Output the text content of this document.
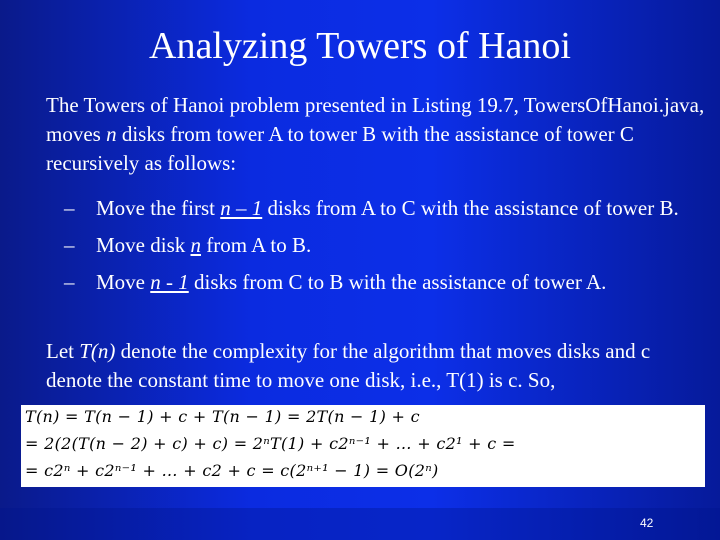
Analyzing Towers of Hanoi
The Towers of Hanoi problem presented in Listing 19.7, TowersOfHanoi.java, moves n disks from tower A to tower B with the assistance of tower C recursively as follows:
– Move the first n – 1 disks from A to C with the assistance of tower B.
– Move disk n from A to B.
– Move n - 1 disks from C to B with the assistance of tower A.
Let T(n) denote the complexity for the algorithm that moves disks and c denote the constant time to move one disk, i.e., T(1) is c. So,
T(n) = T(n − 1) + c + T(n − 1) = 2T(n − 1) + c
= 2(2(T(n − 2) + c) + c) = 2ⁿT(1) + c2ⁿ⁻¹ + … + c2¹ + c =
= c2ⁿ + c2ⁿ⁻¹ + … + c2 + c = c(2ⁿ⁺¹ − 1) = O(2ⁿ)
42
